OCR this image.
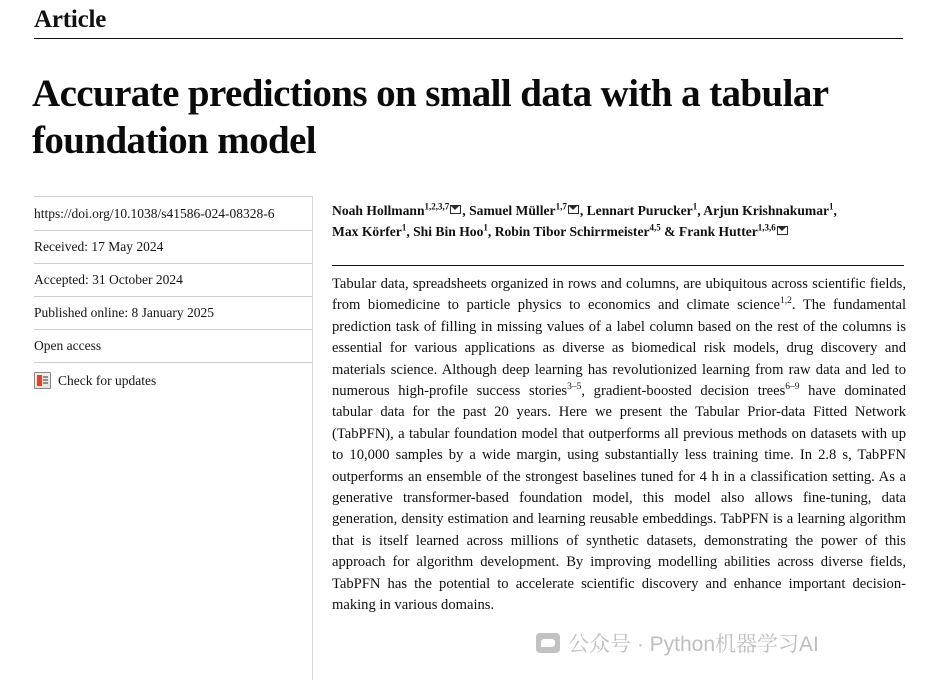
Article
Accurate predictions on small data with a tabular foundation model
https://doi.org/10.1038/s41586-024-08328-6
Received: 17 May 2024
Accepted: 31 October 2024
Published online: 8 January 2025
Open access
Check for updates
Noah Hollmann$^{1,2,3,7}$ , Samuel Müller$^{1,7}$ , Lennart Purucker$^1$, Arjun Krishnakumar$^1$,
Max Körfer$^1$, Shi Bin Hoo$^1$, Robin Tibor Schirrmeister$^{4,5}$ & Frank Hutter$^{1,3,6}$
Tabular data, spreadsheets organized in rows and columns, are ubiquitous across scientific fields, from biomedicine to particle physics to economics and climate science$^{1,2}$. The fundamental prediction task of filling in missing values of a label column based on the rest of the columns is essential for various applications as diverse as biomedical risk models, drug discovery and materials science. Although deep learning has revolutionized learning from raw data and led to numerous high-profile success stories$^{3-5}$, gradient-boosted decision trees$^{6-9}$ have dominated tabular data for the past 20 years. Here we present the Tabular Prior-data Fitted Network (TabPFN), a tabular foundation model that outperforms all previous methods on datasets with up to 10,000 samples by a wide margin, using substantially less training time. In 2.8 s, TabPFN outperforms an ensemble of the strongest baselines tuned for 4 h in a classification setting. As a generative transformer-based foundation model, this model also allows fine-tuning, data generation, density estimation and learning reusable embeddings. TabPFN is a learning algorithm that is itself learned across millions of synthetic datasets, demonstrating the power of this approach for algorithm development. By improving modelling abilities across diverse fields, TabPFN has the potential to accelerate scientific discovery and enhance important decision-making in various domains.
公众号 · Python机器学习AI
